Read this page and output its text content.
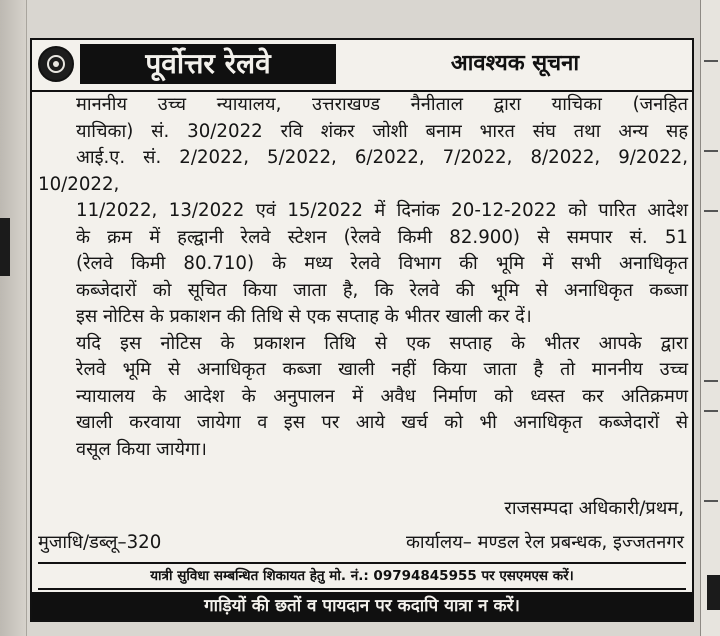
पूर्वोत्तर रेलवे	आवश्यक सूचना

माननीय उच्च न्यायालय, उत्तराखण्ड नैनीताल द्वारा याचिका (जनहित
याचिका) सं. 30/2022 रवि शंकर जोशी बनाम भारत संघ तथा अन्य सह
आई.ए. सं. 2/2022, 5/2022, 6/2022, 7/2022, 8/2022, 9/2022, 10/2022,
11/2022, 13/2022 एवं 15/2022 में दिनांक 20-12-2022 को पारित आदेश
के क्रम में हल्द्वानी रेलवे स्टेशन (रेलवे किमी 82.900) से समपार सं. 51
(रेलवे किमी 80.710) के मध्य रेलवे विभाग की भूमि में सभी अनाधिकृत
कब्जेदारों को सूचित किया जाता है, कि रेलवे की भूमि से अनाधिकृत कब्जा
इस नोटिस के प्रकाशन की तिथि से एक सप्ताह के भीतर खाली कर दें।

यदि इस नोटिस के प्रकाशन तिथि से एक सप्ताह के भीतर आपके द्वारा
रेलवे भूमि से अनाधिकृत कब्जा खाली नहीं किया जाता है तो माननीय उच्च
न्यायालय के आदेश के अनुपालन में अवैध निर्माण को ध्वस्त कर अतिक्रमण
खाली करवाया जायेगा व इस पर आये खर्च को भी अनाधिकृत कब्जेदारों से
वसूल किया जायेगा।

राजसम्पदा अधिकारी/प्रथम,
मुजाधि/डब्लू–320	कार्यालय– मण्डल रेल प्रबन्धक, इज्जतनगर
यात्री सुविधा सम्बन्धित शिकायत हेतु मो. नं.: 09794845955 पर एसएमएस करें।
गाड़ियों की छतों व पायदान पर कदापि यात्रा न करें।
